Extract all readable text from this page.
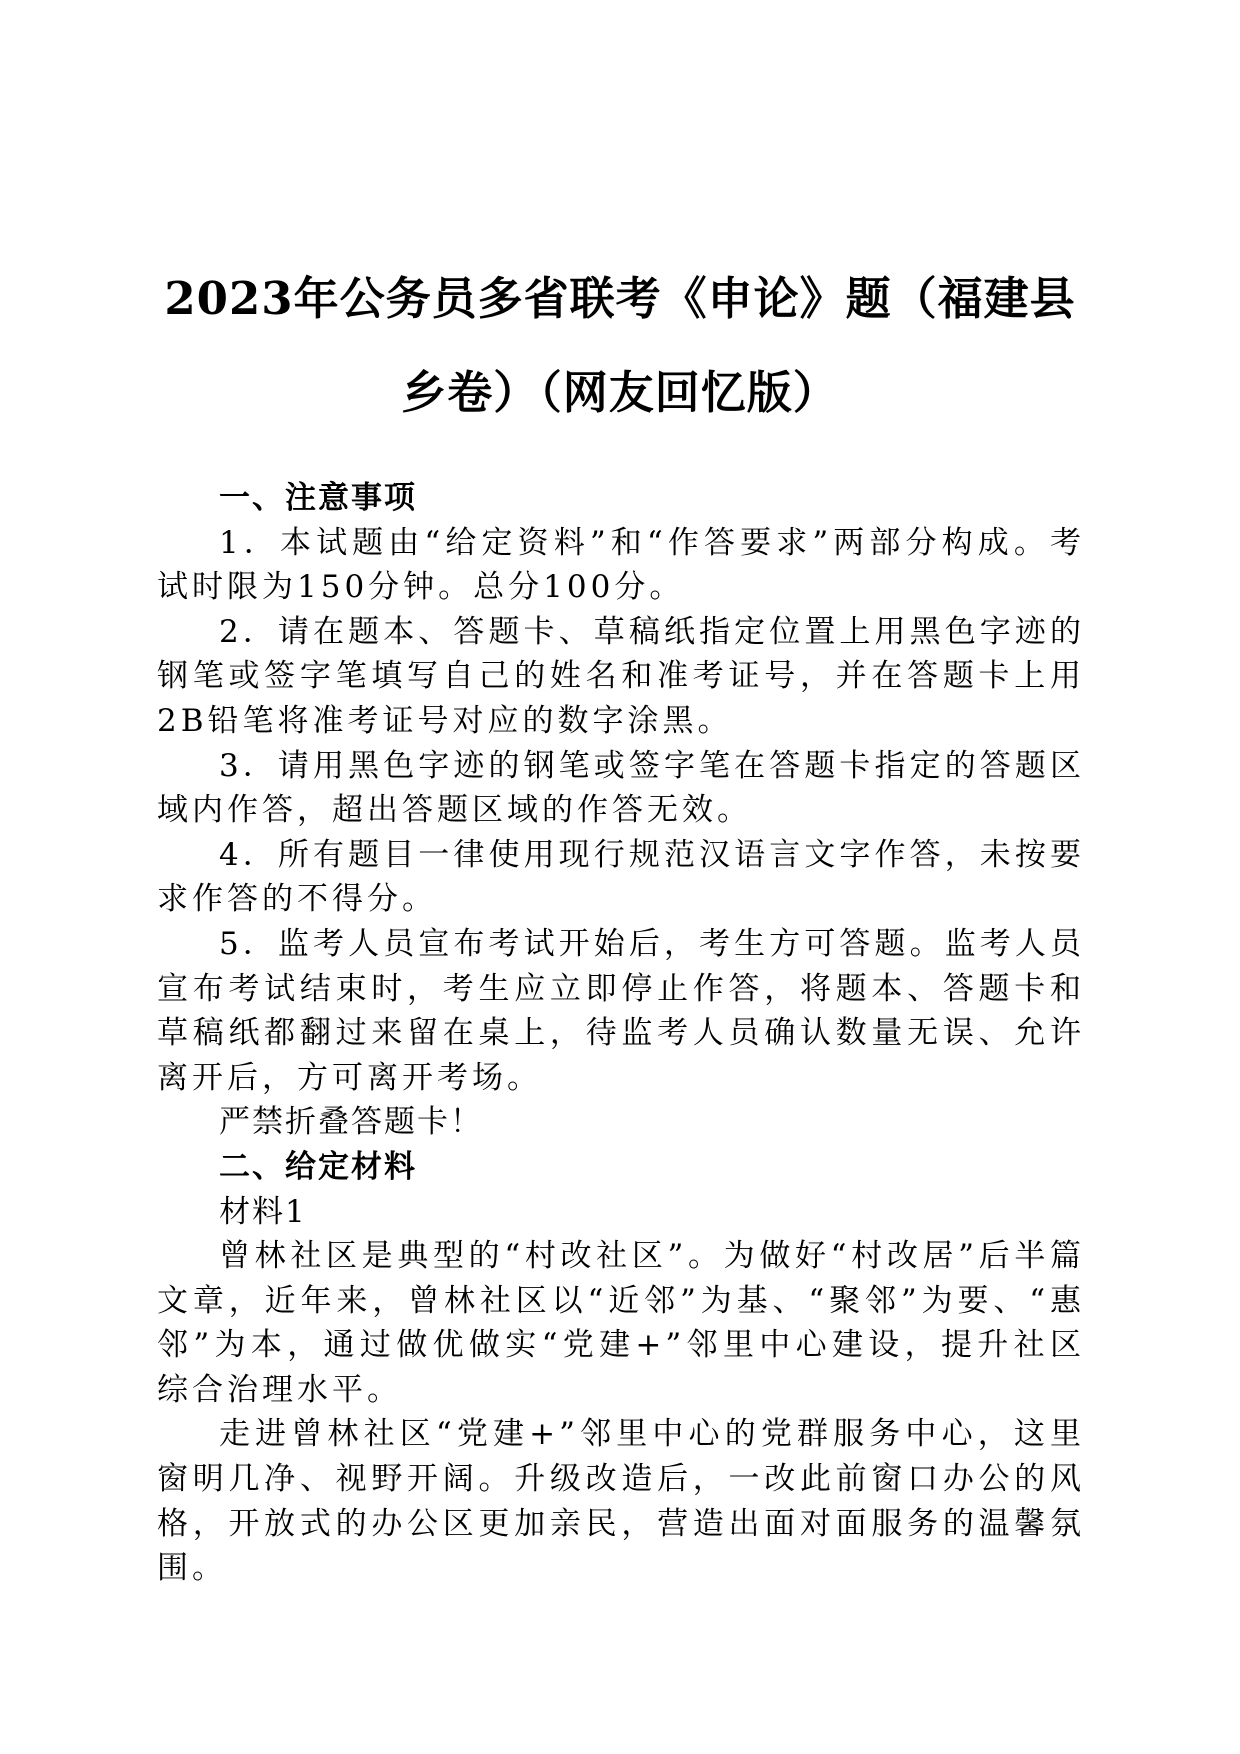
2023年公务员多省联考《申论》题（福建县
乡卷）（网友回忆版）
一、注意事项

1．本试题由“给定资料”和“作答要求”两部分构成。考试时限为150分钟。总分100分。

2．请在题本、答题卡、草稿纸指定位置上用黑色字迹的钢笔或签字笔填写自己的姓名和准考证号，并在答题卡上用2B铅笔将准考证号对应的数字涂黑。

3．请用黑色字迹的钢笔或签字笔在答题卡指定的答题区域内作答，超出答题区域的作答无效。

4．所有题目一律使用现行规范汉语言文字作答，未按要求作答的不得分。

5．监考人员宣布考试开始后，考生方可答题。监考人员宣布考试结束时，考生应立即停止作答，将题本、答题卡和草稿纸都翻过来留在桌上，待监考人员确认数量无误、允许离开后，方可离开考场。

严禁折叠答题卡！

二、给定材料

材料1

曾林社区是典型的“村改社区”。为做好“村改居”后半篇文章，近年来，曾林社区以“近邻”为基、“聚邻”为要、“惠邻”为本，通过做优做实“党建+”邻里中心建设，提升社区综合治理水平。

走进曾林社区“党建+”邻里中心的党群服务中心，这里窗明几净、视野开阔。升级改造后，一改此前窗口办公的风格，开放式的办公区更加亲民，营造出面对面服务的温馨氛围。
